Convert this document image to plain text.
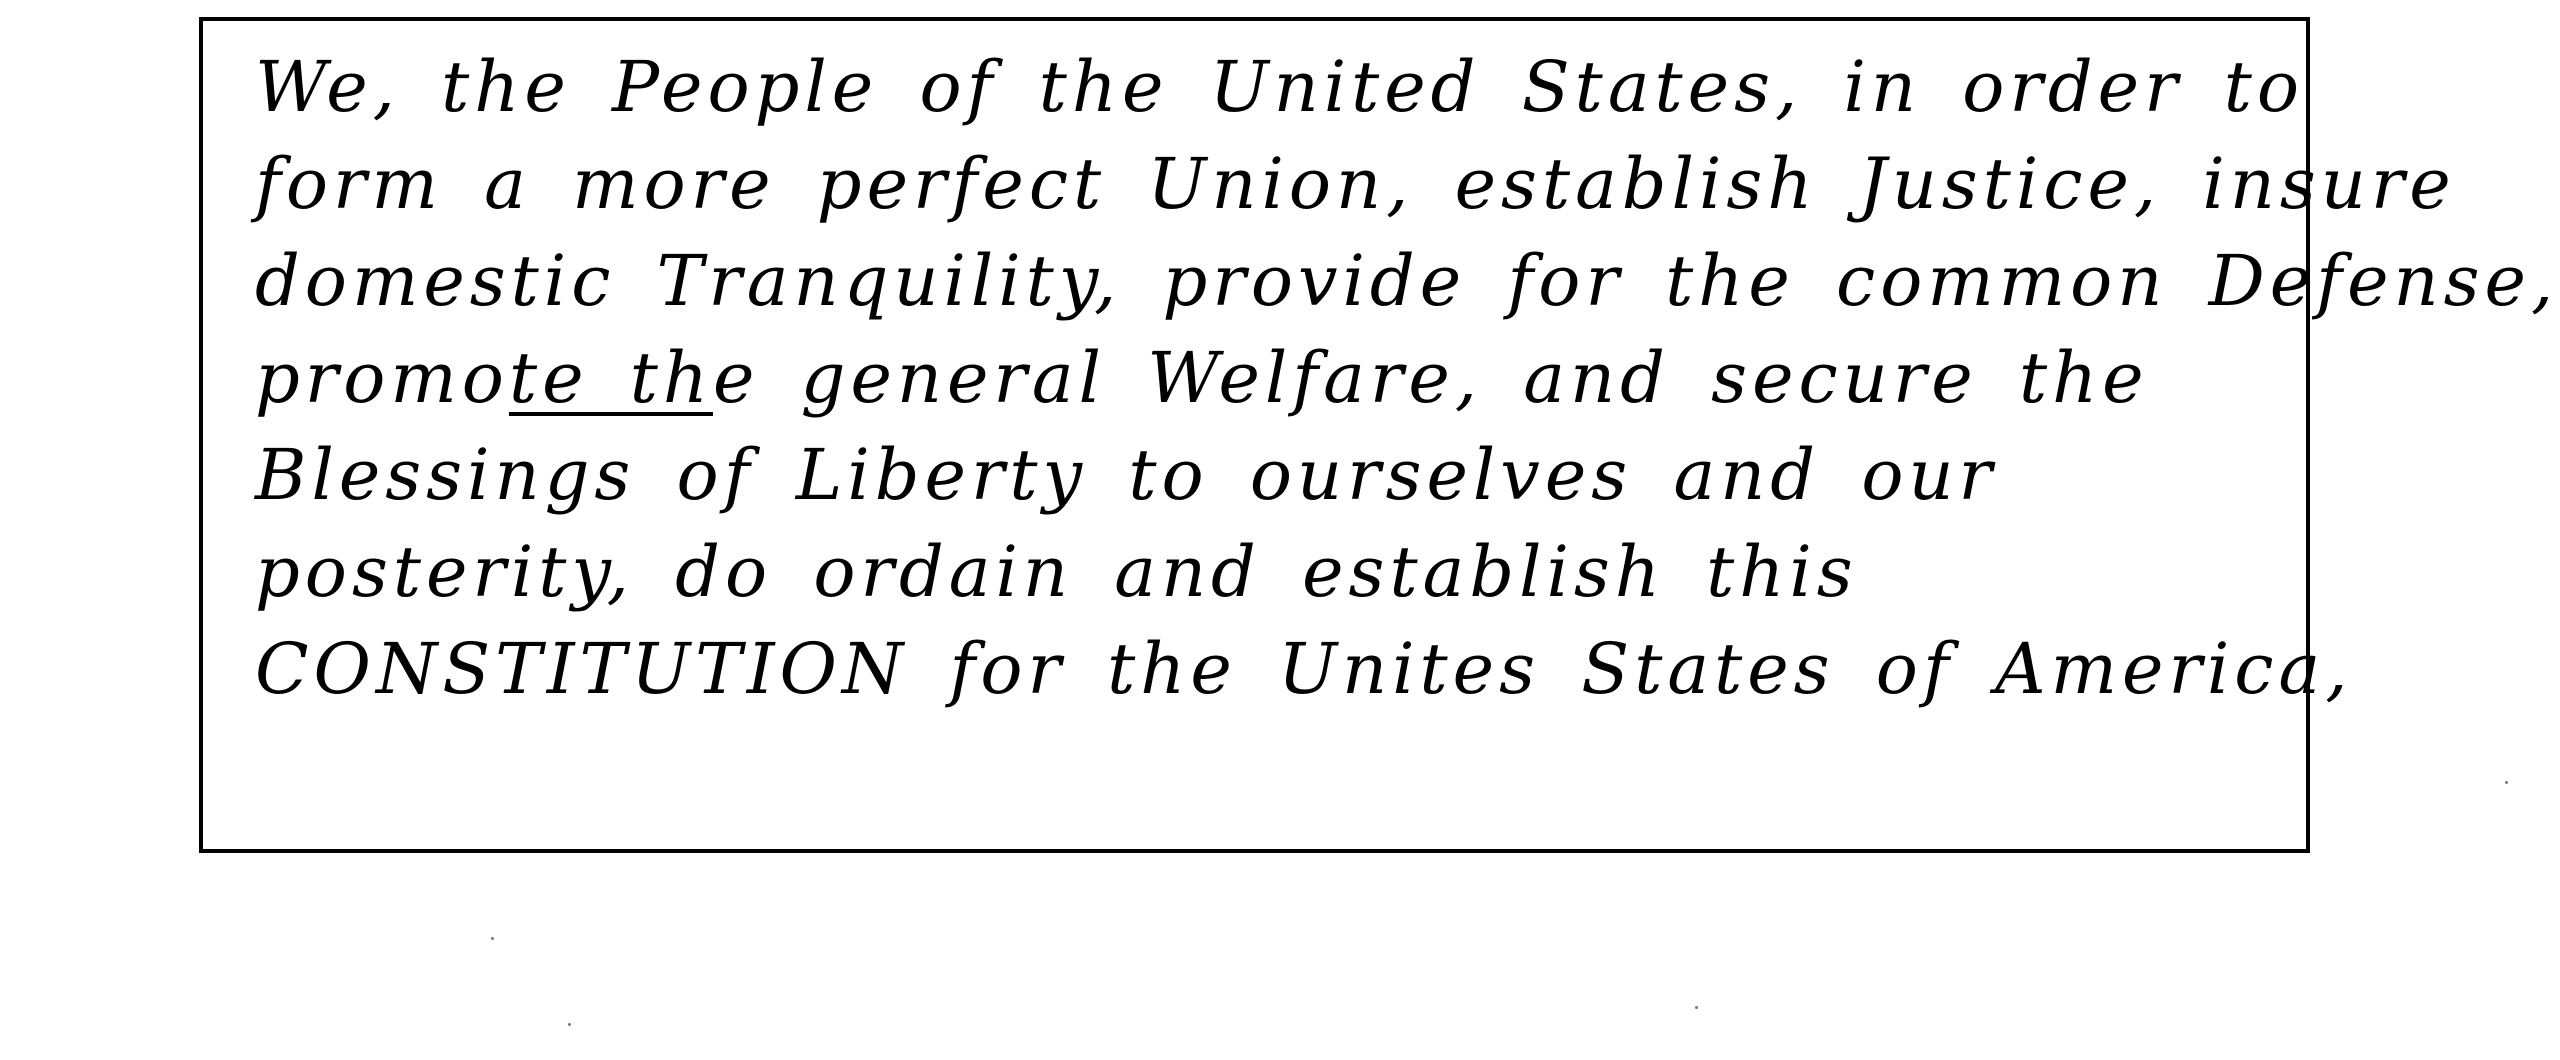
We, the People of the United States, in order to
form a more perfect Union, establish Justice, insure
domestic Tranquility, provide for the common Defense,
promote the general Welfare, and secure the
Blessings of Liberty to ourselves and our
posterity, do ordain and establish this
CONSTITUTION for the Unites States of America,
